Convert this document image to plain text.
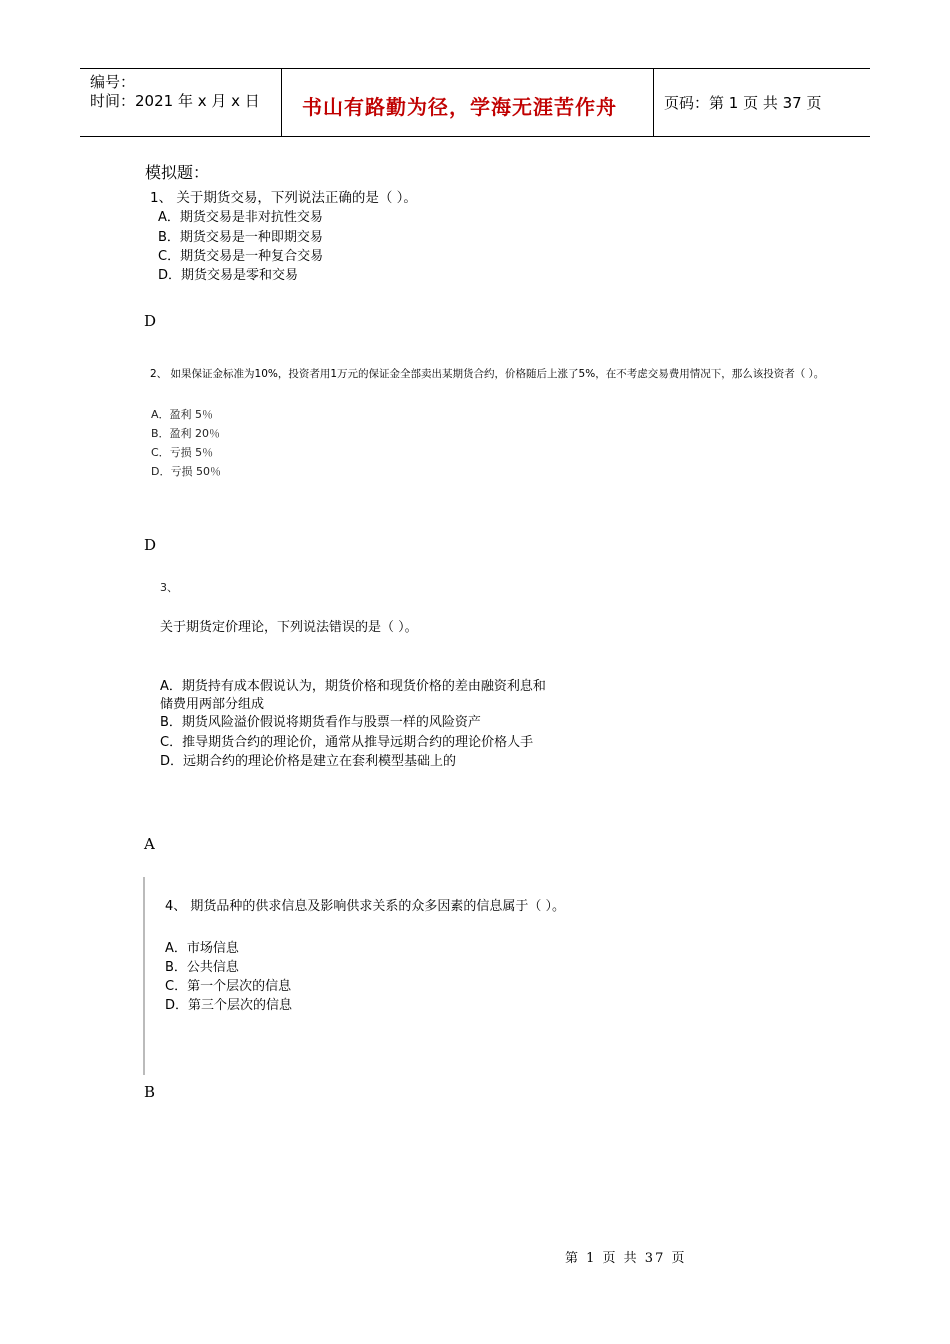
编号：
时间：2021 年 x 月 x 日 书山有路勤为径，学海无涯苦作舟	页码：第 1 页 共 37 页
模拟题：
1、 关于期货交易，下列说法正确的是（ ）。
A．期货交易是非对抗性交易
B．期货交易是一种即期交易
C．期货交易是一种复合交易
D．期货交易是零和交易
D
2、 如果保证金标准为10%，投资者用1万元的保证金全部卖出某期货合约，价格随后上涨了5%，在不考虑交易费用情况下，那么该投资者（ ）。
A．盈利 5％
B．盈利 20％
C．亏损 5％
D．亏损 50％
D
3、
关于期货定价理论，下列说法错误的是（ ）。
A．期货持有成本假说认为，期货价格和现货价格的差由融资利息和
储费用两部分组成
B．期货风险溢价假说将期货看作与股票一样的风险资产
C．推导期货合约的理论价，通常从推导远期合约的理论价格人手
D．远期合约的理论价格是建立在套利模型基础上的
A
4、 期货品种的供求信息及影响供求关系的众多因素的信息属于（ ）。
A．市场信息
B．公共信息
C．第一个层次的信息
D．第三个层次的信息
B
第 1 页 共 37 页
